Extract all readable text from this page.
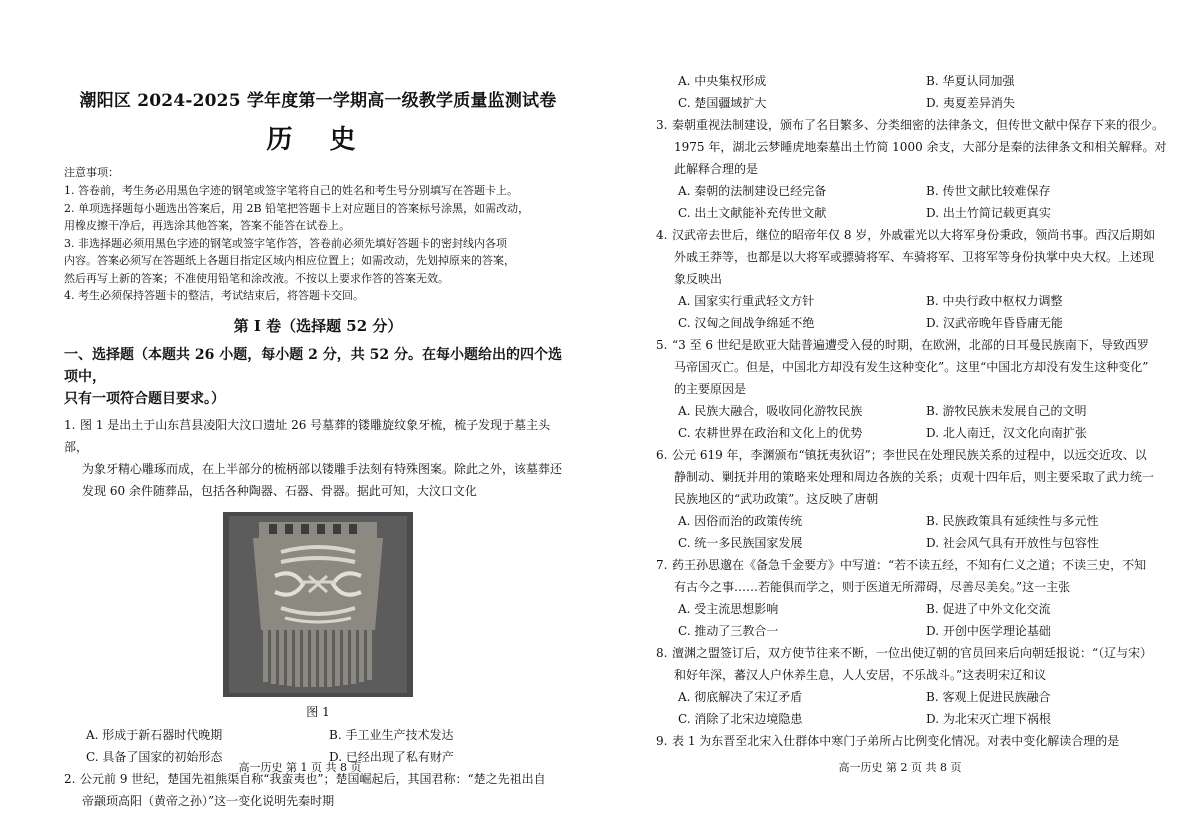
潮阳区 2024-2025 学年度第一学期高一级教学质量监测试卷
历 史
注意事项：
1. 答卷前，考生务必用黑色字迹的钢笔或签字笔将自己的姓名和考生号分别填写在答题卡上。
2. 单项选择题每小题选出答案后，用 2B 铅笔把答题卡上对应题目的答案标号涂黑，如需改动，
用橡皮擦干净后，再选涂其他答案，答案不能答在试卷上。
3. 非选择题必须用黑色字迹的钢笔或签字笔作答，答卷前必须先填好答题卡的密封线内各项
内容。答案必须写在答题纸上各题目指定区域内相应位置上；如需改动，先划掉原来的答案，
然后再写上新的答案；不准使用铅笔和涂改液。不按以上要求作答的答案无效。
4. 考生必须保持答题卡的整洁，考试结束后，将答题卡交回。
第 I 卷（选择题 52 分）
一、选择题（本题共 26 小题，每小题 2 分，共 52 分。在每小题给出的四个选项中，
只有一项符合题目要求。）
1. 图 1 是出土于山东莒县凌阳大汶口遗址 26 号墓葬的镂雕旋纹象牙梳，梳子发现于墓主头部，
为象牙精心雕琢而成，在上半部分的梳柄部以镂雕手法刻有特殊图案。除此之外，该墓葬还
发现 60 余件随葬品，包括各种陶器、石器、骨器。据此可知，大汶口文化
图 1
A. 形成于新石器时代晚期	B. 手工业生产技术发达
C. 具备了国家的初始形态	D. 已经出现了私有财产
2. 公元前 9 世纪，楚国先祖熊渠自称“我蛮夷也”；楚国崛起后，其国君称：“楚之先祖出自
帝颛顼高阳（黄帝之孙）”这一变化说明先秦时期
高一历史 第 1 页 共 8 页
A. 中央集权形成	B. 华夏认同加强
C. 楚国疆域扩大	D. 夷夏差异消失
3. 秦朝重视法制建设，颁布了名目繁多、分类细密的法律条文，但传世文献中保存下来的很少。
1975 年，湖北云梦睡虎地秦墓出土竹简 1000 余支，大部分是秦的法律条文和相关解释。对
此解释合理的是
A. 秦朝的法制建设已经完备	B. 传世文献比较难保存
C. 出土文献能补充传世文献	D. 出土竹简记载更真实
4. 汉武帝去世后，继位的昭帝年仅 8 岁，外戚霍光以大将军身份秉政，领尚书事。西汉后期如
外戚王莽等，也都是以大将军或骠骑将军、车骑将军、卫将军等身份执掌中央大权。上述现
象反映出
A. 国家实行重武轻文方针	B. 中央行政中枢权力调整
C. 汉匈之间战争绵延不绝	D. 汉武帝晚年昏昏庸无能
5. “3 至 6 世纪是欧亚大陆普遍遭受入侵的时期，在欧洲，北部的日耳曼民族南下，导致西罗
马帝国灭亡。但是，中国北方却没有发生这种变化”。这里“中国北方却没有发生这种变化”
的主要原因是
A. 民族大融合，吸收同化游牧民族	B. 游牧民族未发展自己的文明
C. 农耕世界在政治和文化上的优势	D. 北人南迁，汉文化向南扩张
6. 公元 619 年，李渊颁布“镇抚夷狄诏”；李世民在处理民族关系的过程中，以远交近攻、以
静制动、剿抚并用的策略来处理和周边各族的关系；贞观十四年后，则主要采取了武力统一
民族地区的“武功政策”。这反映了唐朝
A. 因俗而治的政策传统	B. 民族政策具有延续性与多元性
C. 统一多民族国家发展	D. 社会风气具有开放性与包容性
7. 药王孙思邈在《备急千金要方》中写道：“若不读五经，不知有仁义之道；不读三史，不知
有古今之事……若能俱而学之，则于医道无所滞碍，尽善尽美矣。”这一主张
A. 受主流思想影响	B. 促进了中外文化交流
C. 推动了三教合一	D. 开创中医学理论基础
8. 澶渊之盟签订后，双方使节往来不断，一位出使辽朝的官员回来后向朝廷报说：“（辽与宋）
和好年深，蕃汉人户休养生息，人人安居，不乐战斗。”这表明宋辽和议
A. 彻底解决了宋辽矛盾	B. 客观上促进民族融合
C. 消除了北宋边境隐患	D. 为北宋灭亡埋下祸根
9. 表 1 为东晋至北宋入仕群体中寒门子弟所占比例变化情况。对表中变化解读合理的是
高一历史 第 2 页 共 8 页
